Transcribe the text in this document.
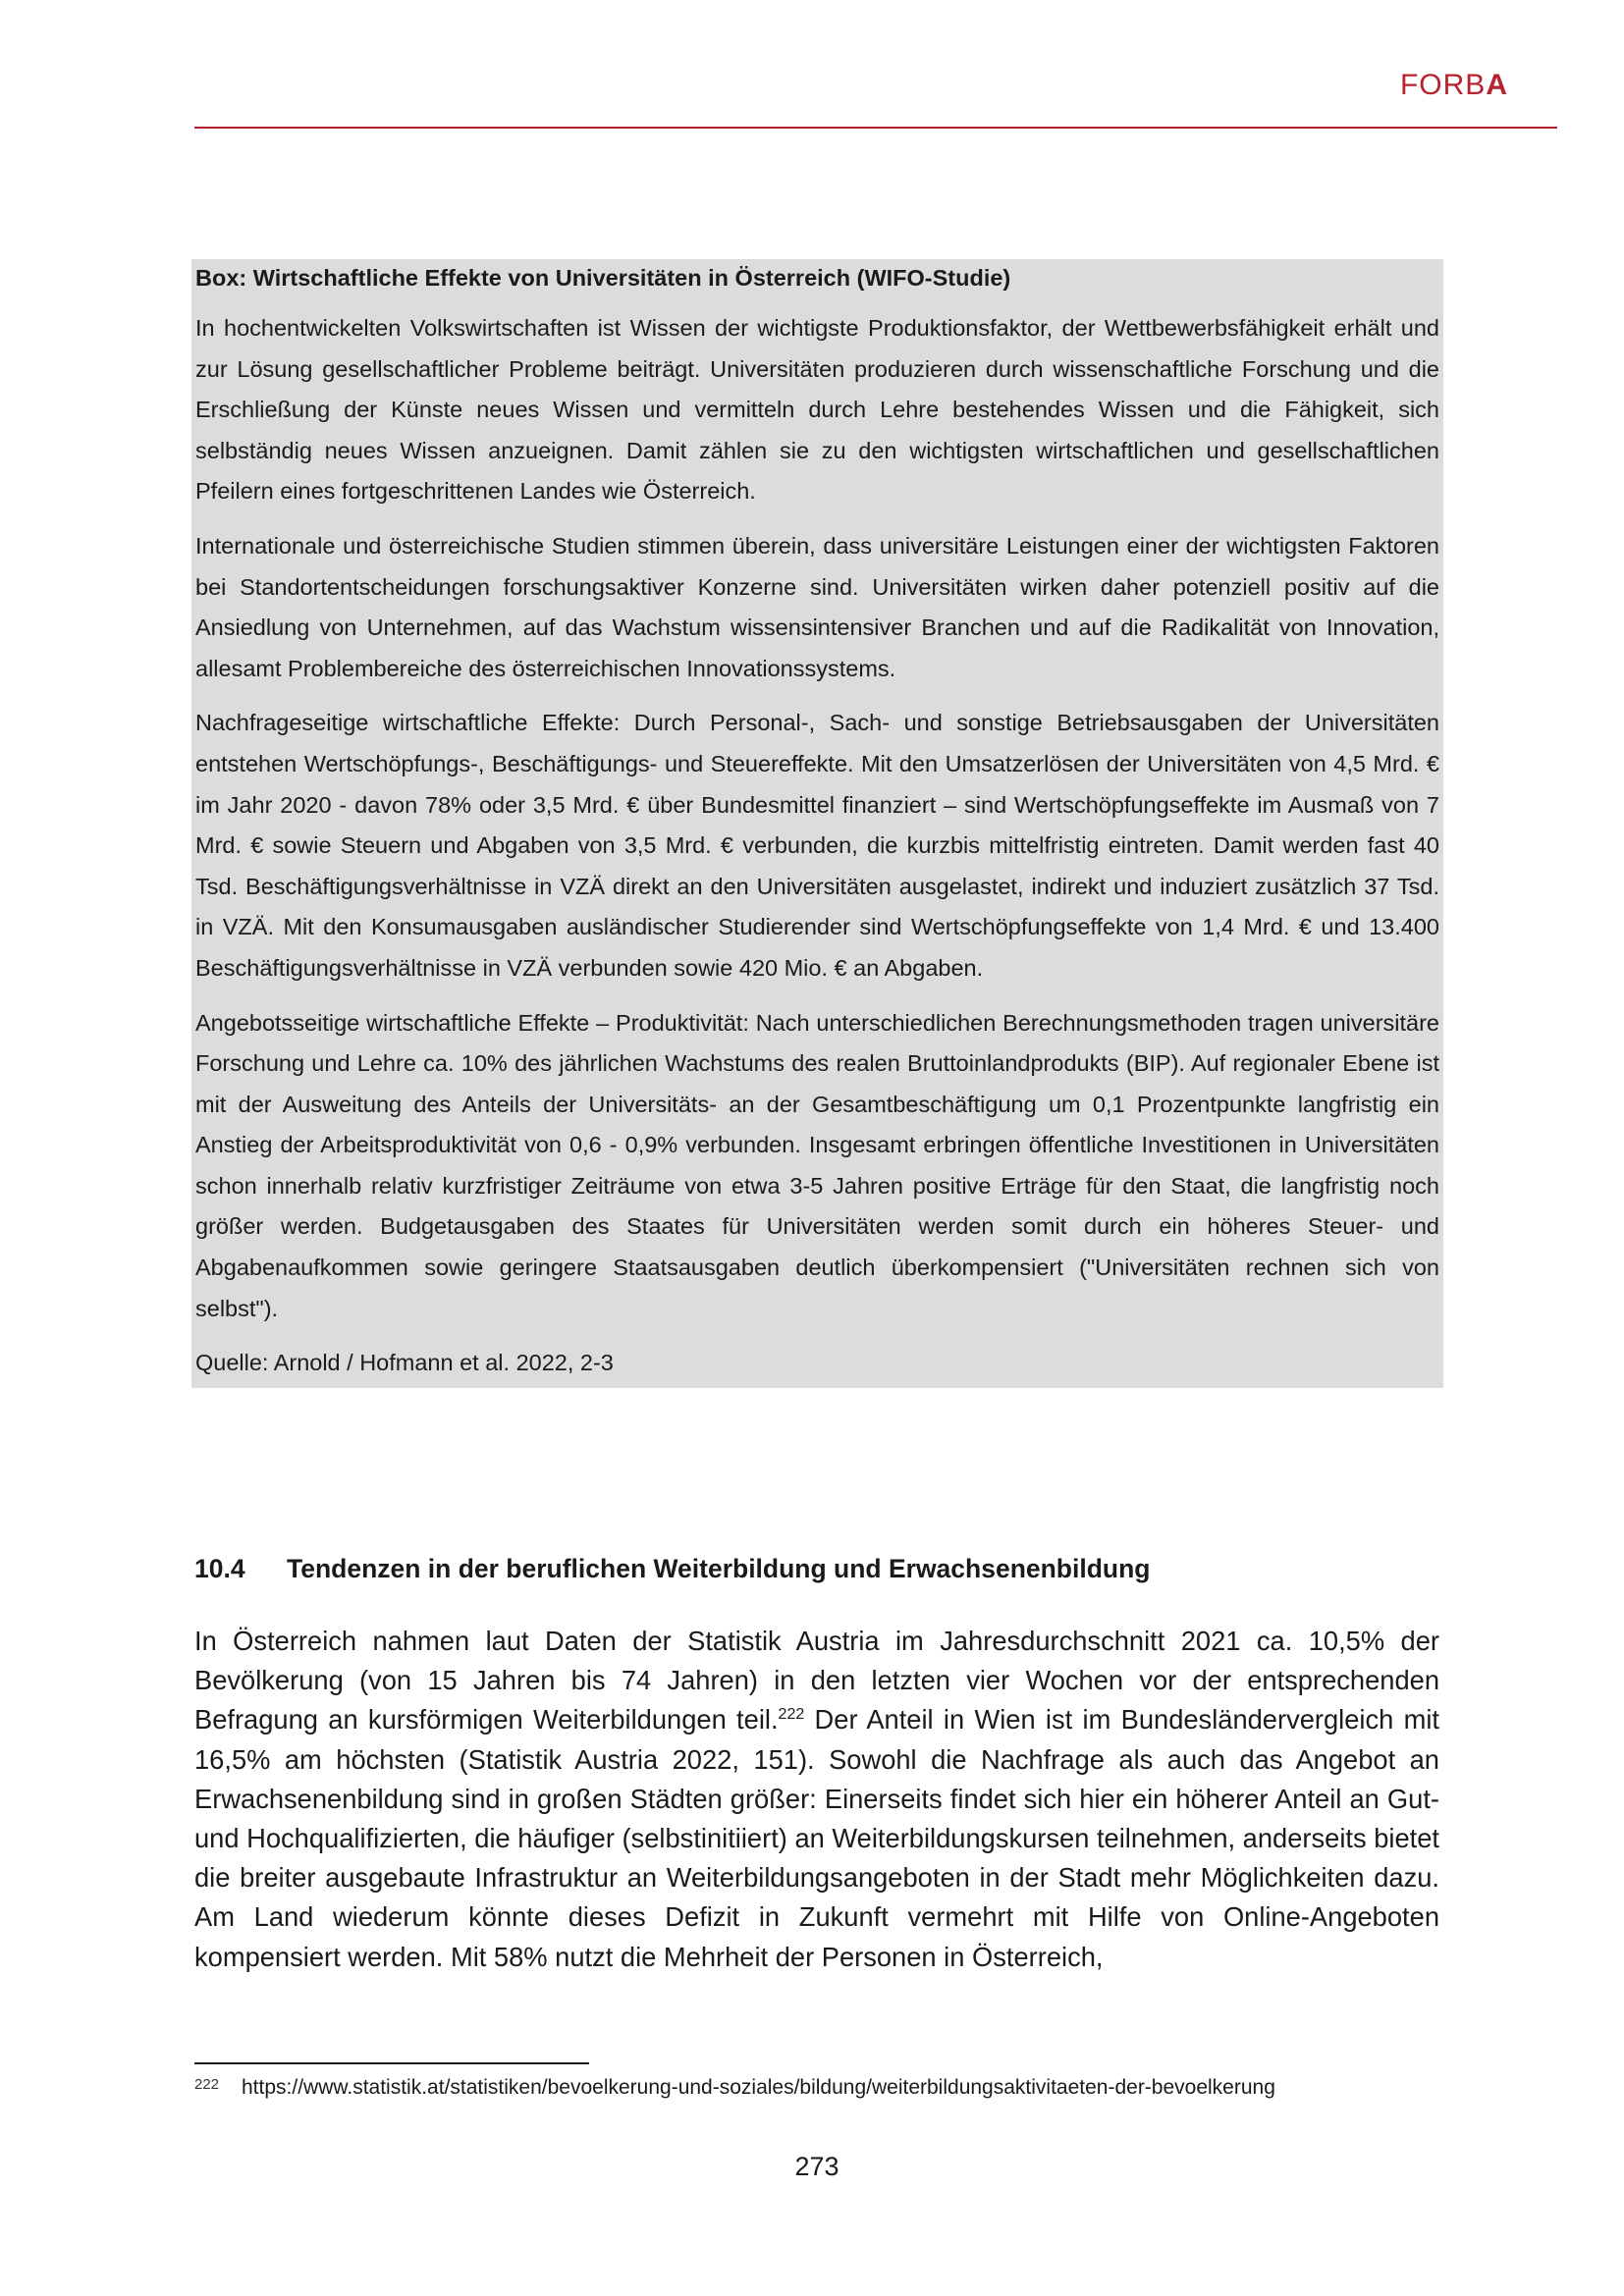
FORBA

Box: Wirtschaftliche Effekte von Universitäten in Österreich (WIFO-Studie)

In hochentwickelten Volkswirtschaften ist Wissen der wichtigste Produktionsfaktor, der Wettbewerbsfähigkeit erhält und zur Lösung gesellschaftlicher Probleme beiträgt. Universitäten produzieren durch wissenschaftliche Forschung und die Erschließung der Künste neues Wissen und vermitteln durch Lehre bestehendes Wissen und die Fähigkeit, sich selbständig neues Wissen anzueignen. Damit zählen sie zu den wichtigsten wirtschaftlichen und gesellschaftlichen Pfeilern eines fortgeschrittenen Landes wie Österreich.

Internationale und österreichische Studien stimmen überein, dass universitäre Leistungen einer der wichtigsten Faktoren bei Standortentscheidungen forschungsaktiver Konzerne sind. Universitäten wirken daher potenziell positiv auf die Ansiedlung von Unternehmen, auf das Wachstum wissensintensiver Branchen und auf die Radikalität von Innovation, allesamt Problembereiche des österreichischen Innovationssystems.

Nachfrageseitige wirtschaftliche Effekte: Durch Personal-, Sach- und sonstige Betriebsausgaben der Universitäten entstehen Wertschöpfungs-, Beschäftigungs- und Steuereffekte. Mit den Umsatzerlösen der Universitäten von 4,5 Mrd. € im Jahr 2020 - davon 78% oder 3,5 Mrd. € über Bundesmittel finanziert – sind Wertschöpfungseffekte im Ausmaß von 7 Mrd. € sowie Steuern und Abgaben von 3,5 Mrd. € verbunden, die kurzbis mittelfristig eintreten. Damit werden fast 40 Tsd. Beschäftigungsverhältnisse in VZÄ direkt an den Universitäten ausgelastet, indirekt und induziert zusätzlich 37 Tsd. in VZÄ. Mit den Konsumausgaben ausländischer Studierender sind Wertschöpfungseffekte von 1,4 Mrd. € und 13.400 Beschäftigungsverhältnisse in VZÄ verbunden sowie 420 Mio. € an Abgaben.

Angebotsseitige wirtschaftliche Effekte – Produktivität: Nach unterschiedlichen Berechnungsmethoden tragen universitäre Forschung und Lehre ca. 10% des jährlichen Wachstums des realen Bruttoinlandprodukts (BIP). Auf regionaler Ebene ist mit der Ausweitung des Anteils der Universitäts- an der Gesamtbeschäftigung um 0,1 Prozentpunkte langfristig ein Anstieg der Arbeitsproduktivität von 0,6 - 0,9% verbunden. Insgesamt erbringen öffentliche Investitionen in Universitäten schon innerhalb relativ kurzfristiger Zeiträume von etwa 3-5 Jahren positive Erträge für den Staat, die langfristig noch größer werden. Budgetausgaben des Staates für Universitäten werden somit durch ein höheres Steuer- und Abgabenaufkommen sowie geringere Staatsausgaben deutlich überkompensiert ("Universitäten rechnen sich von selbst").

Quelle: Arnold / Hofmann et al. 2022, 2-3

10.4 Tendenzen in der beruflichen Weiterbildung und Erwachsenenbildung

In Österreich nahmen laut Daten der Statistik Austria im Jahresdurchschnitt 2021 ca. 10,5% der Bevölkerung (von 15 Jahren bis 74 Jahren) in den letzten vier Wochen vor der entsprechenden Befragung an kursförmigen Weiterbildungen teil.$^{222}$ Der Anteil in Wien ist im Bundesländervergleich mit 16,5% am höchsten (Statistik Austria 2022, 151). Sowohl die Nachfrage als auch das Angebot an Erwachsenenbildung sind in großen Städten größer: Einerseits findet sich hier ein höherer Anteil an Gut- und Hochqualifizierten, die häufiger (selbstinitiiert) an Weiterbildungskursen teilnehmen, anderseits bietet die breiter ausgebaute Infrastruktur an Weiterbildungsangeboten in der Stadt mehr Möglichkeiten dazu. Am Land wiederum könnte dieses Defizit in Zukunft vermehrt mit Hilfe von Online-Angeboten kompensiert werden. Mit 58% nutzt die Mehrheit der Personen in Österreich,

222 https://www.statistik.at/statistiken/bevoelkerung-und-soziales/bildung/weiterbildungsaktivitaeten-der-bevoelkerung
273
